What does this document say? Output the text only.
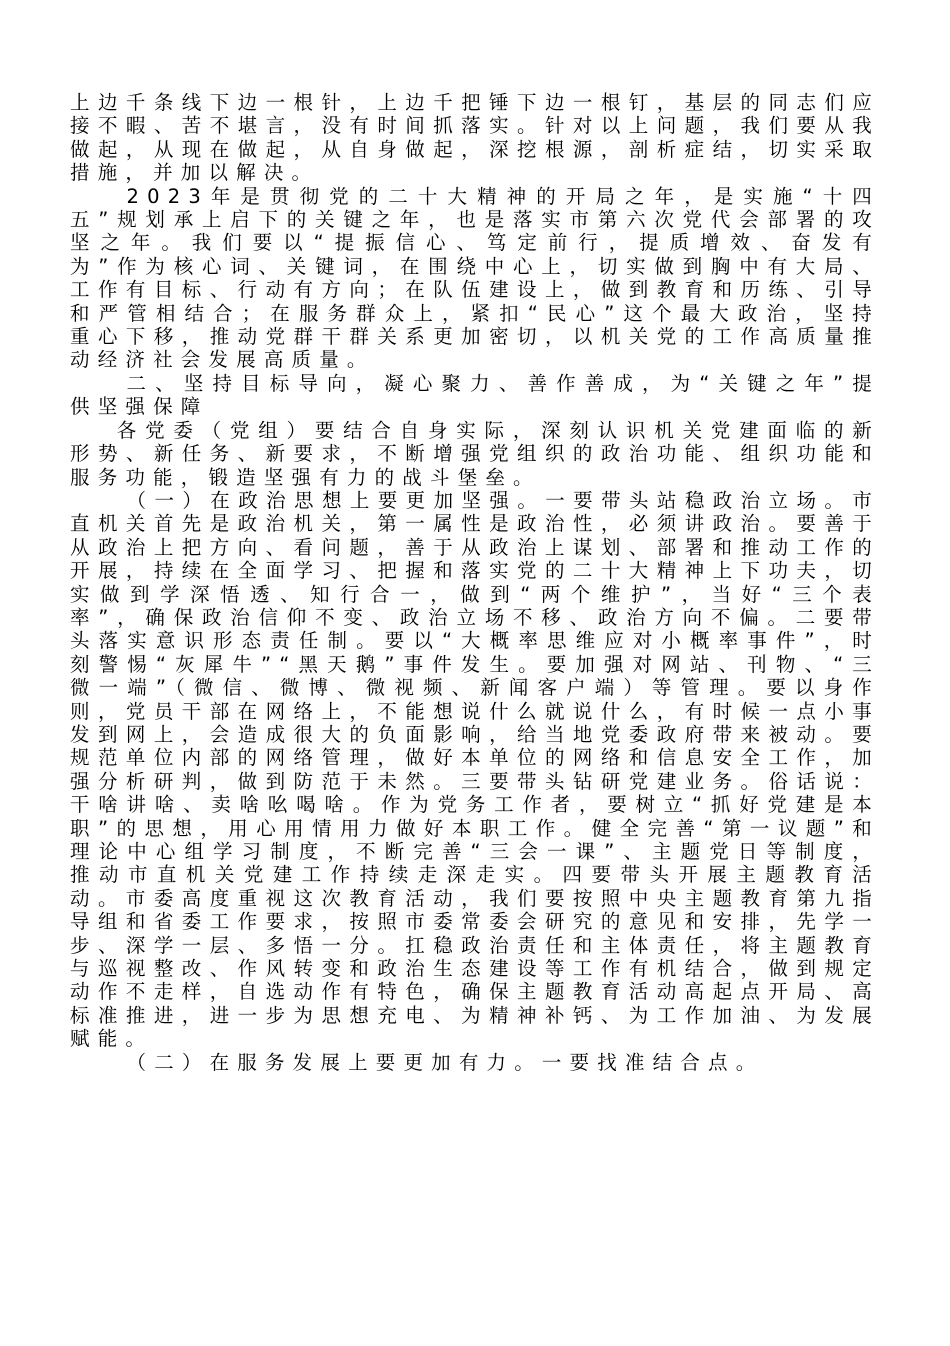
上边千条线下边一根针，上边千把锤下边一根钉，基层的同志们应接不暇、苦不堪言，没有时间抓落实。针对以上问题，我们要从我做起，从现在做起，从自身做起，深挖根源，剖析症结，切实采取措施，并加以解决。

2023年是贯彻党的二十大精神的开局之年，是实施“十四五”规划承上启下的关键之年，也是落实市第六次党代会部署的攻坚之年。我们要以“提振信心、笃定前行，提质增效、奋发有为”作为核心词、关键词，在围绕中心上，切实做到胸中有大局、工作有目标、行动有方向；在队伍建设上，做到教育和历练、引导和严管相结合；在服务群众上，紧扣“民心”这个最大政治，坚持重心下移，推动党群干群关系更加密切，以机关党的工作高质量推动经济社会发展高质量。

二、坚持目标导向，凝心聚力、善作善成，为“关键之年”提供坚强保障

各党委（党组）要结合自身实际，深刻认识机关党建面临的新形势、新任务、新要求，不断增强党组织的政治功能、组织功能和服务功能，锻造坚强有力的战斗堡垒。

（一）在政治思想上要更加坚强。一要带头站稳政治立场。市直机关首先是政治机关，第一属性是政治性，必须讲政治。要善于从政治上把方向、看问题，善于从政治上谋划、部署和推动工作的开展，持续在全面学习、把握和落实党的二十大精神上下功夫，切实做到学深悟透、知行合一，做到“两个维护”，当好“三个表率”，确保政治信仰不变、政治立场不移、政治方向不偏。二要带头落实意识形态责任制。要以“大概率思维应对小概率事件”，时刻警惕“灰犀牛”“黑天鹅”事件发生。要加强对网站、刊物、“三微一端”（微信、微博、微视频、新闻客户端）等管理。要以身作则，党员干部在网络上，不能想说什么就说什么，有时候一点小事发到网上，会造成很大的负面影响，给当地党委政府带来被动。要规范单位内部的网络管理，做好本单位的网络和信息安全工作，加强分析研判，做到防范于未然。三要带头钻研党建业务。俗话说：干啥讲啥、卖啥吆喝啥。作为党务工作者，要树立“抓好党建是本职”的思想，用心用情用力做好本职工作。健全完善“第一议题”和理论中心组学习制度，不断完善“三会一课”、主题党日等制度，推动市直机关党建工作持续走深走实。四要带头开展主题教育活动。市委高度重视这次教育活动，我们要按照中央主题教育第九指导组和省委工作要求，按照市委常委会研究的意见和安排，先学一步、深学一层、多悟一分。扛稳政治责任和主体责任，将主题教育与巡视整改、作风转变和政治生态建设等工作有机结合，做到规定动作不走样，自选动作有特色，确保主题教育活动高起点开局、高标准推进，进一步为思想充电、为精神补钙、为工作加油、为发展赋能。

（二）在服务发展上要更加有力。一要找准结合点。
